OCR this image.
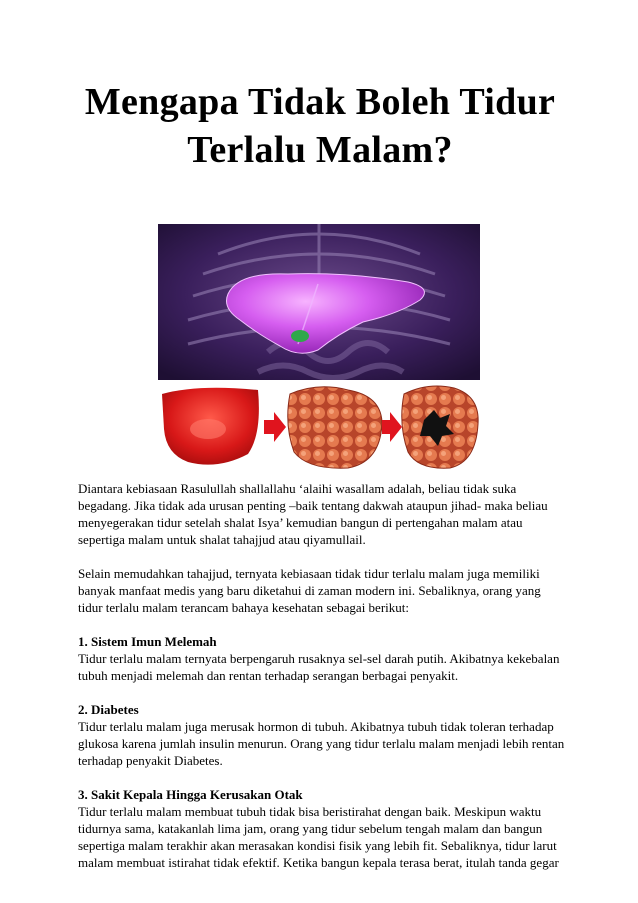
Mengapa Tidak Boleh Tidur Terlalu Malam?

Diantara kebiasaan Rasulullah shallallahu ‘alaihi wasallam adalah, beliau tidak suka begadang. Jika tidak ada urusan penting –baik tentang dakwah ataupun jihad- maka beliau menyegerakan tidur setelah shalat Isya’ kemudian bangun di pertengahan malam atau sepertiga malam untuk shalat tahajjud atau qiyamullail.

Selain memudahkan tahajjud, ternyata kebiasaan tidak tidur terlalu malam juga memiliki banyak manfaat medis yang baru diketahui di zaman modern ini. Sebaliknya, orang yang tidur terlalu malam terancam bahaya kesehatan sebagai berikut:

1. Sistem Imun Melemah

Tidur terlalu malam ternyata berpengaruh rusaknya sel-sel darah putih. Akibatnya kekebalan tubuh menjadi melemah dan rentan terhadap serangan berbagai penyakit.

2. Diabetes

Tidur terlalu malam juga merusak hormon di tubuh. Akibatnya tubuh tidak toleran terhadap glukosa karena jumlah insulin menurun. Orang yang tidur terlalu malam menjadi lebih rentan terhadap penyakit Diabetes.

3. Sakit Kepala Hingga Kerusakan Otak

Tidur terlalu malam membuat tubuh tidak bisa beristirahat dengan baik. Meskipun waktu tidurnya sama, katakanlah lima jam, orang yang tidur sebelum tengah malam dan bangun sepertiga malam terakhir akan merasakan kondisi fisik yang lebih fit. Sebaliknya, tidur larut malam membuat istirahat tidak efektif. Ketika bangun kepala terasa berat, itulah tanda gegar
